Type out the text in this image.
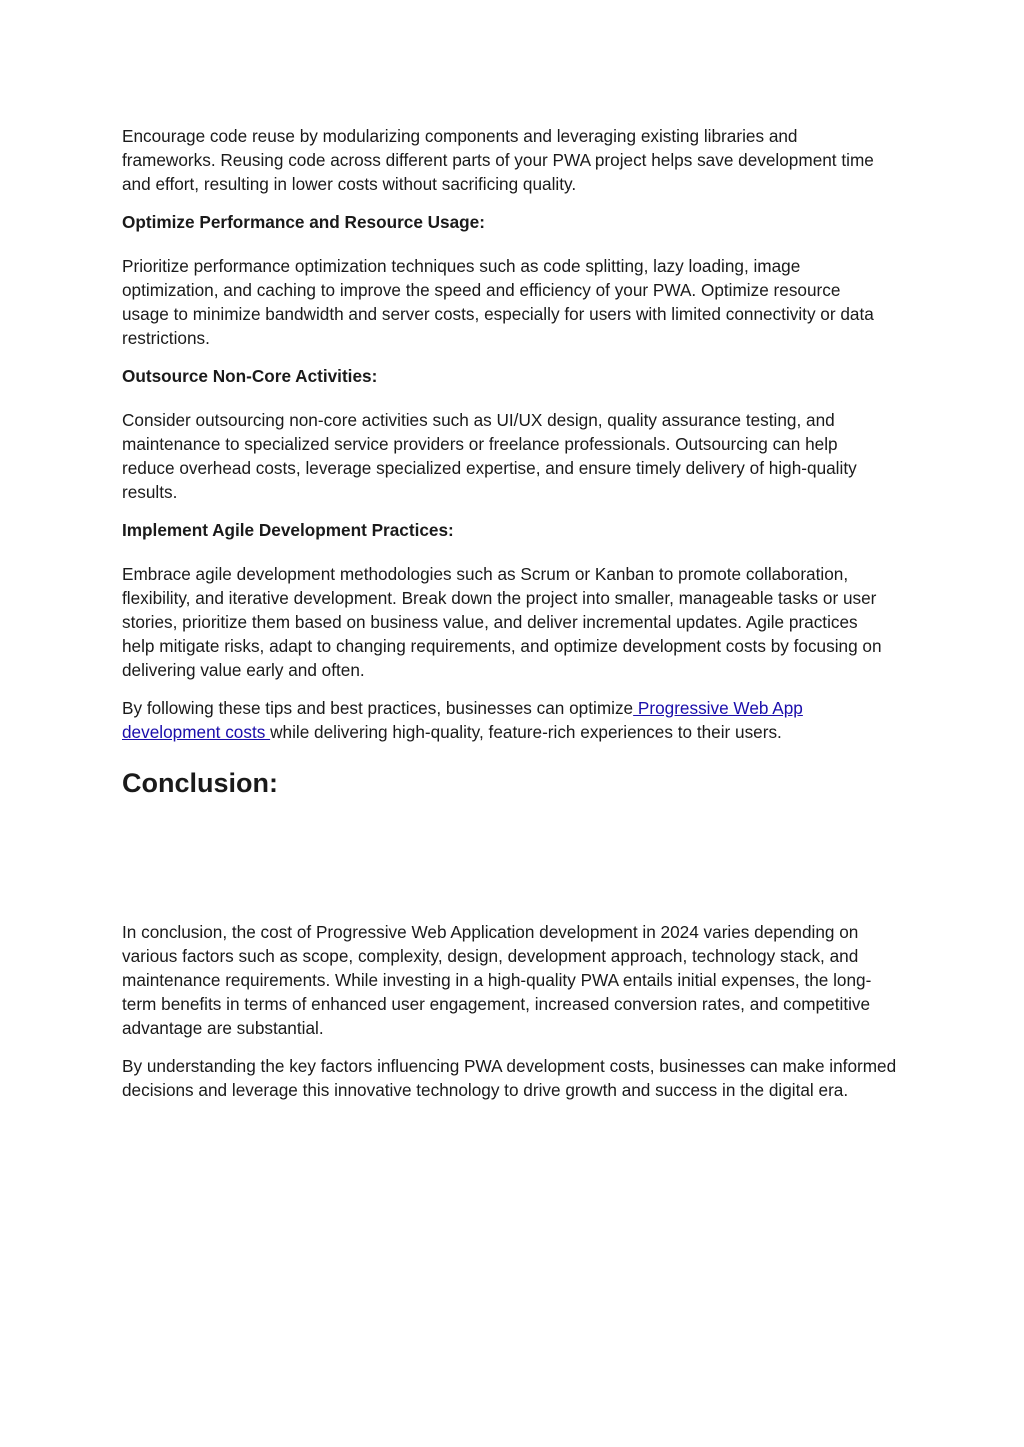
Encourage code reuse by modularizing components and leveraging existing libraries and frameworks. Reusing code across different parts of your PWA project helps save development time and effort, resulting in lower costs without sacrificing quality.

Optimize Performance and Resource Usage:

Prioritize performance optimization techniques such as code splitting, lazy loading, image optimization, and caching to improve the speed and efficiency of your PWA. Optimize resource usage to minimize bandwidth and server costs, especially for users with limited connectivity or data restrictions.

Outsource Non-Core Activities:

Consider outsourcing non-core activities such as UI/UX design, quality assurance testing, and maintenance to specialized service providers or freelance professionals. Outsourcing can help reduce overhead costs, leverage specialized expertise, and ensure timely delivery of high-quality results.

Implement Agile Development Practices:

Embrace agile development methodologies such as Scrum or Kanban to promote collaboration, flexibility, and iterative development. Break down the project into smaller, manageable tasks or user stories, prioritize them based on business value, and deliver incremental updates. Agile practices help mitigate risks, adapt to changing requirements, and optimize development costs by focusing on delivering value early and often.

By following these tips and best practices, businesses can optimize Progressive Web App development costs while delivering high-quality, feature-rich experiences to their users.

Conclusion:

In conclusion, the cost of Progressive Web Application development in 2024 varies depending on various factors such as scope, complexity, design, development approach, technology stack, and maintenance requirements. While investing in a high-quality PWA entails initial expenses, the long-term benefits in terms of enhanced user engagement, increased conversion rates, and competitive advantage are substantial.

By understanding the key factors influencing PWA development costs, businesses can make informed decisions and leverage this innovative technology to drive growth and success in the digital era.
